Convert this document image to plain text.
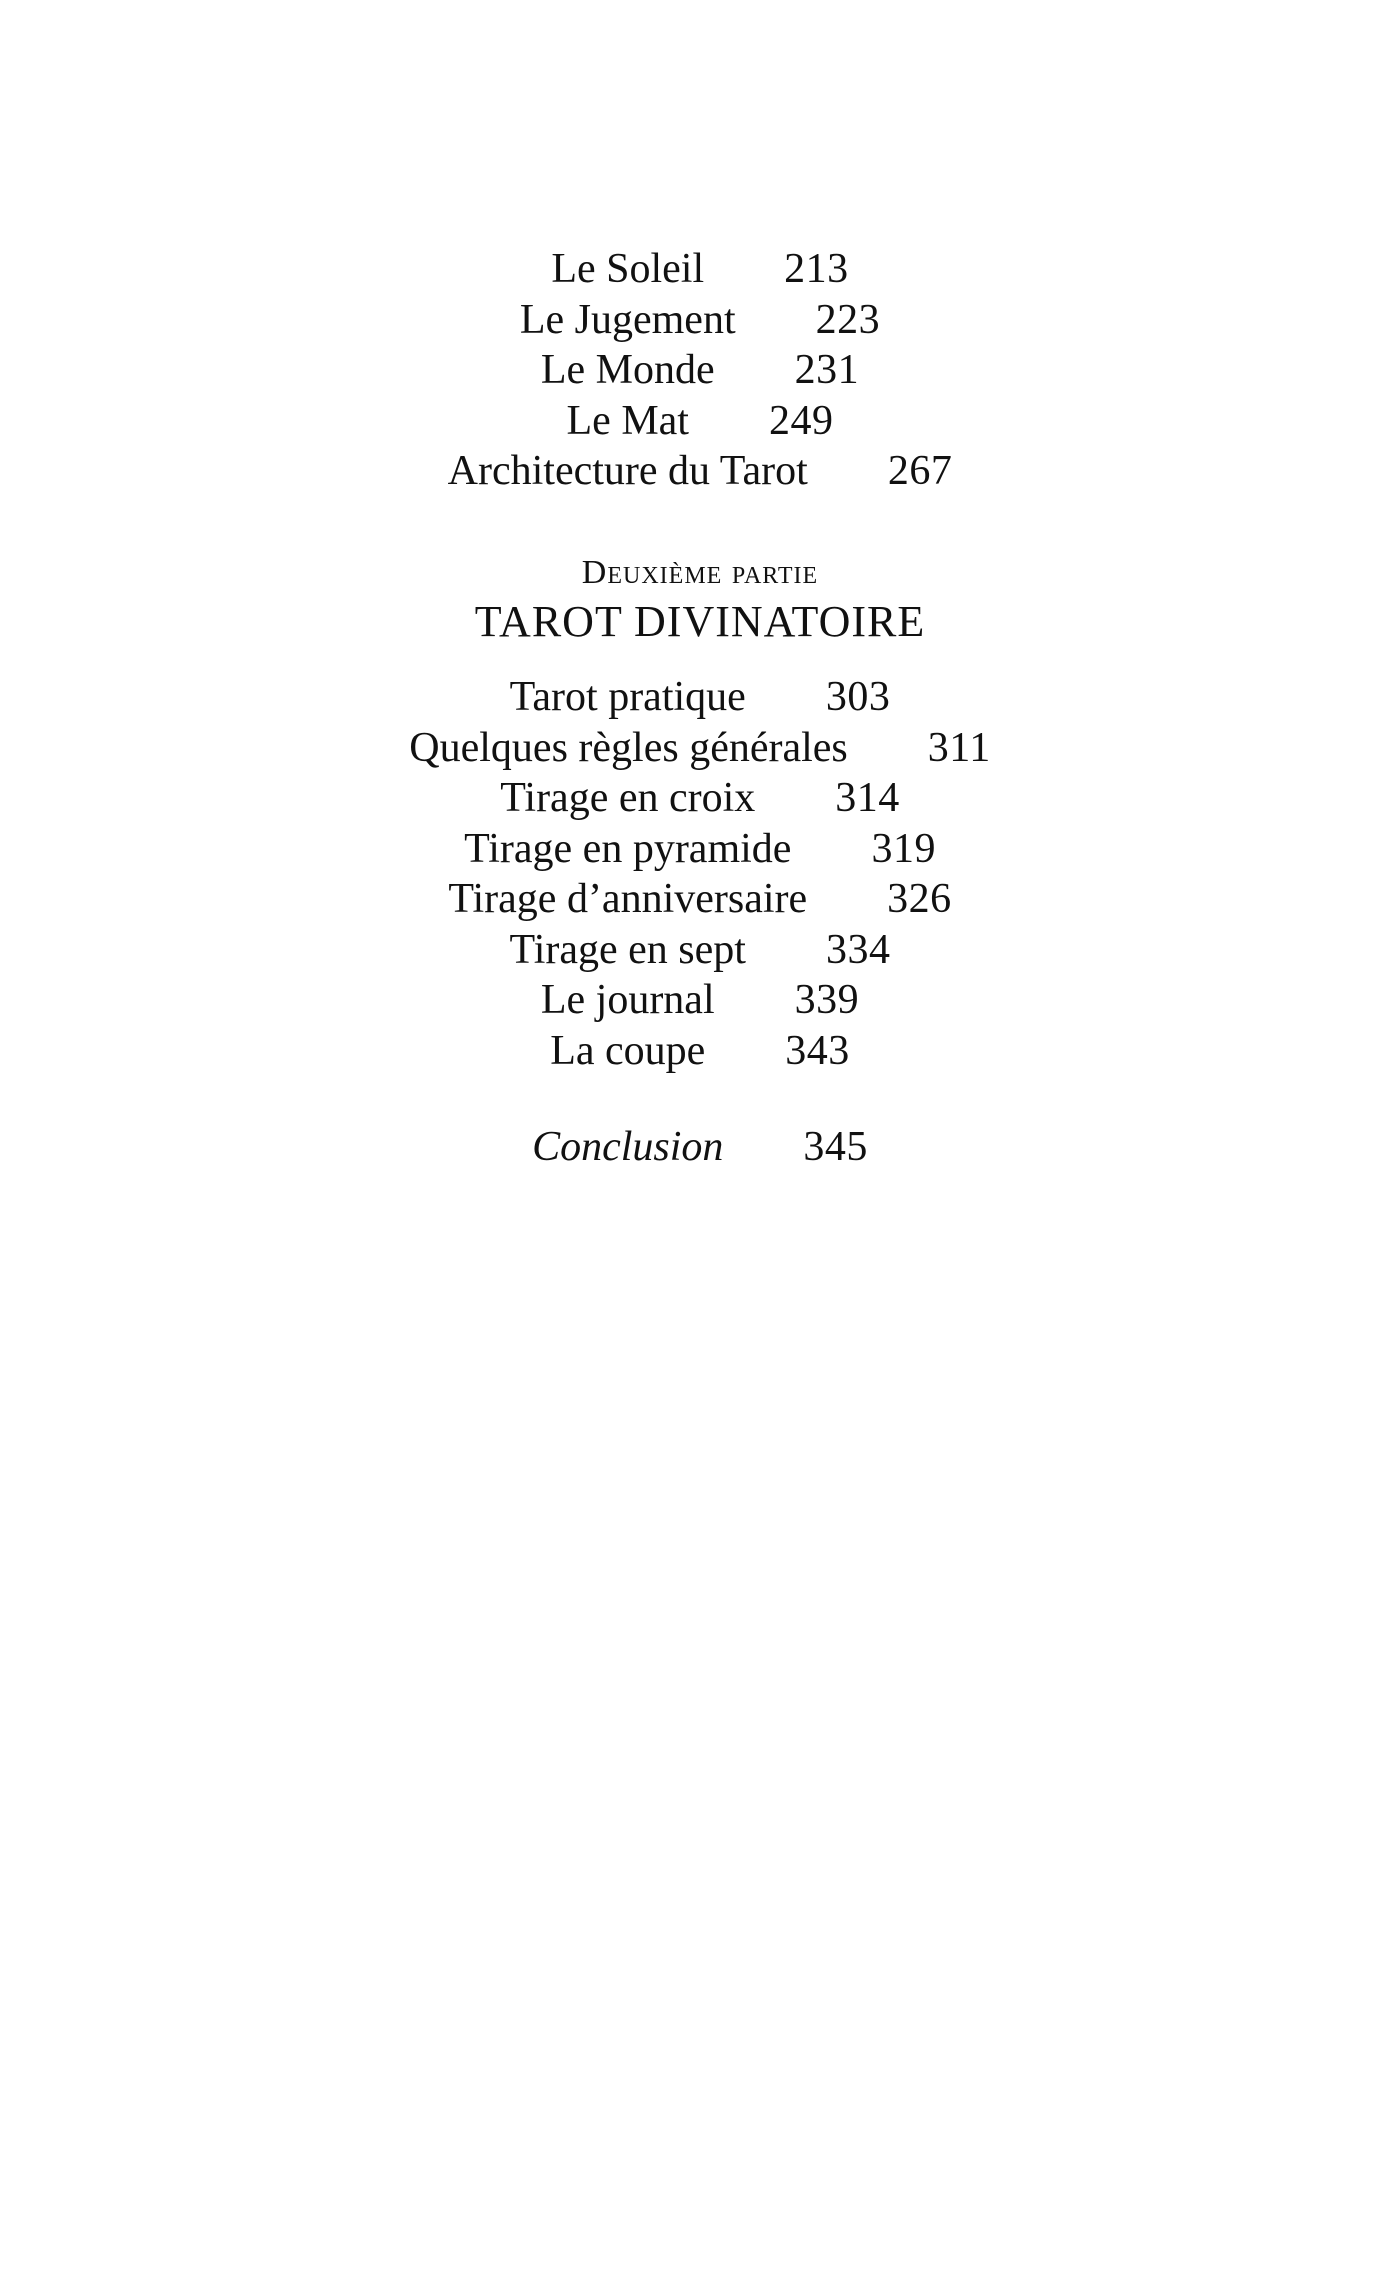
Le Soleil 213
Le Jugement 223
Le Monde 231
Le Mat 249
Architecture du Tarot 267
Deuxième partie
TAROT DIVINATOIRE
Tarot pratique 303
Quelques règles générales 311
Tirage en croix 314
Tirage en pyramide 319
Tirage d’anniversaire 326
Tirage en sept 334
Le journal 339
La coupe 343
Conclusion 345
